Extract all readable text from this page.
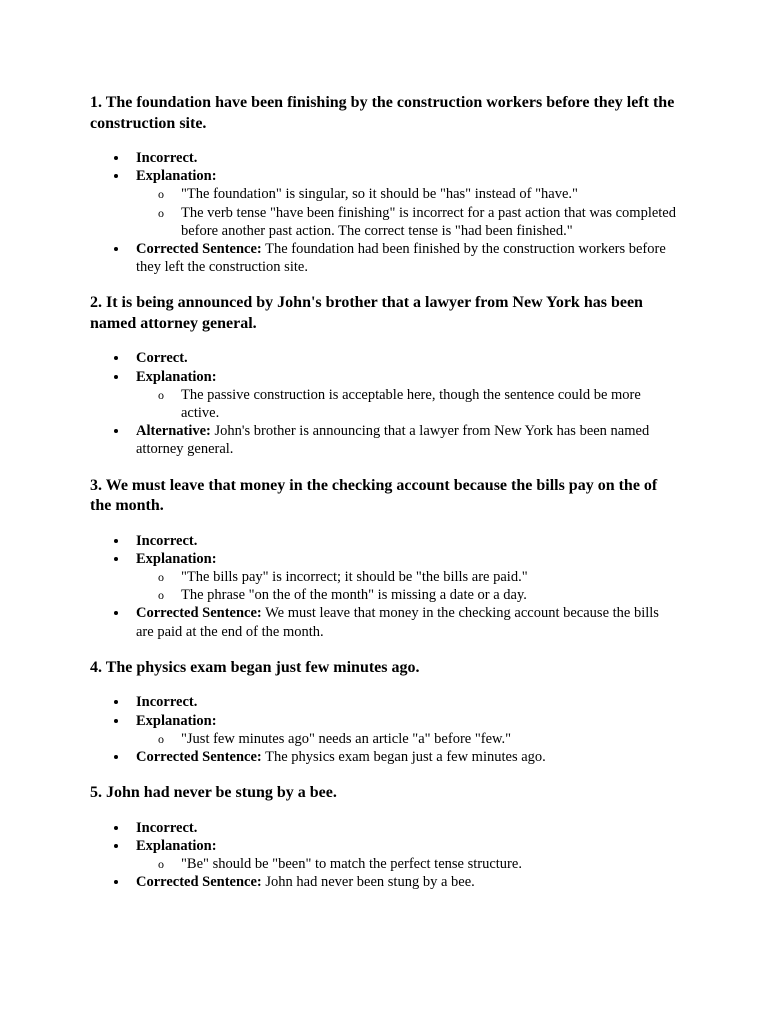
1. The foundation have been finishing by the construction workers before they left the construction site.

Incorrect.
Explanation:
o "The foundation" is singular, so it should be "has" instead of "have."
o The verb tense "have been finishing" is incorrect for a past action that was completed before another past action. The correct tense is "had been finished."
Corrected Sentence: The foundation had been finished by the construction workers before they left the construction site.

2. It is being announced by John's brother that a lawyer from New York has been named attorney general.

Correct.
Explanation:
o The passive construction is acceptable here, though the sentence could be more active.
Alternative: John's brother is announcing that a lawyer from New York has been named attorney general.

3. We must leave that money in the checking account because the bills pay on the of the month.

Incorrect.
Explanation:
o "The bills pay" is incorrect; it should be "the bills are paid."
o The phrase "on the of the month" is missing a date or a day.
Corrected Sentence: We must leave that money in the checking account because the bills are paid at the end of the month.

4. The physics exam began just few minutes ago.

Incorrect.
Explanation:
o "Just few minutes ago" needs an article "a" before "few."
Corrected Sentence: The physics exam began just a few minutes ago.

5. John had never be stung by a bee.

Incorrect.
Explanation:
o "Be" should be "been" to match the perfect tense structure.
Corrected Sentence: John had never been stung by a bee.
